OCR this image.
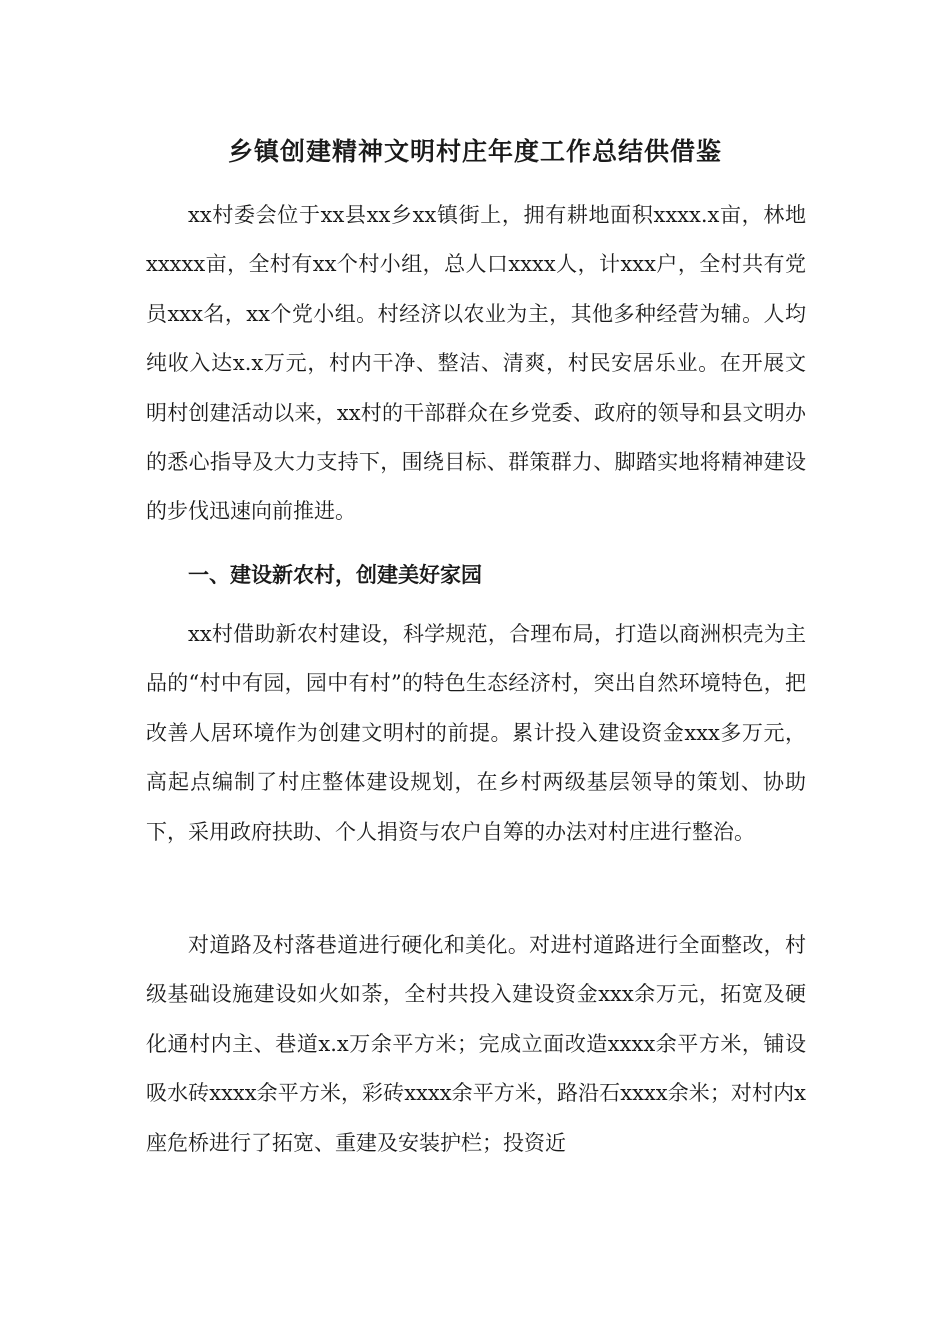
乡镇创建精神文明村庄年度工作总结供借鉴

xx村委会位于xx县xx乡xx镇街上，拥有耕地面积xxxx.x亩，林地xxxxx亩，全村有xx个村小组，总人口xxxx人，计xxx户，全村共有党员xxx名，xx个党小组。村经济以农业为主，其他多种经营为辅。人均纯收入达x.x万元，村内干净、整洁、清爽，村民安居乐业。在开展文明村创建活动以来，xx村的干部群众在乡党委、政府的领导和县文明办的悉心指导及大力支持下，围绕目标、群策群力、脚踏实地将精神建设的步伐迅速向前推进。

一、建设新农村，创建美好家园

xx村借助新农村建设，科学规范，合理布局，打造以商洲枳壳为主品的“村中有园，园中有村”的特色生态经济村，突出自然环境特色，把改善人居环境作为创建文明村的前提。累计投入建设资金xxx多万元，高起点编制了村庄整体建设规划，在乡村两级基层领导的策划、协助下，采用政府扶助、个人捐资与农户自筹的办法对村庄进行整治。

对道路及村落巷道进行硬化和美化。对进村道路进行全面整改，村级基础设施建设如火如荼，全村共投入建设资金xxx余万元，拓宽及硬化通村内主、巷道x.x万余平方米；完成立面改造xxxx余平方米，铺设吸水砖xxxx余平方米，彩砖xxxx余平方米，路沿石xxxx余米；对村内x座危桥进行了拓宽、重建及安装护栏；投资近
